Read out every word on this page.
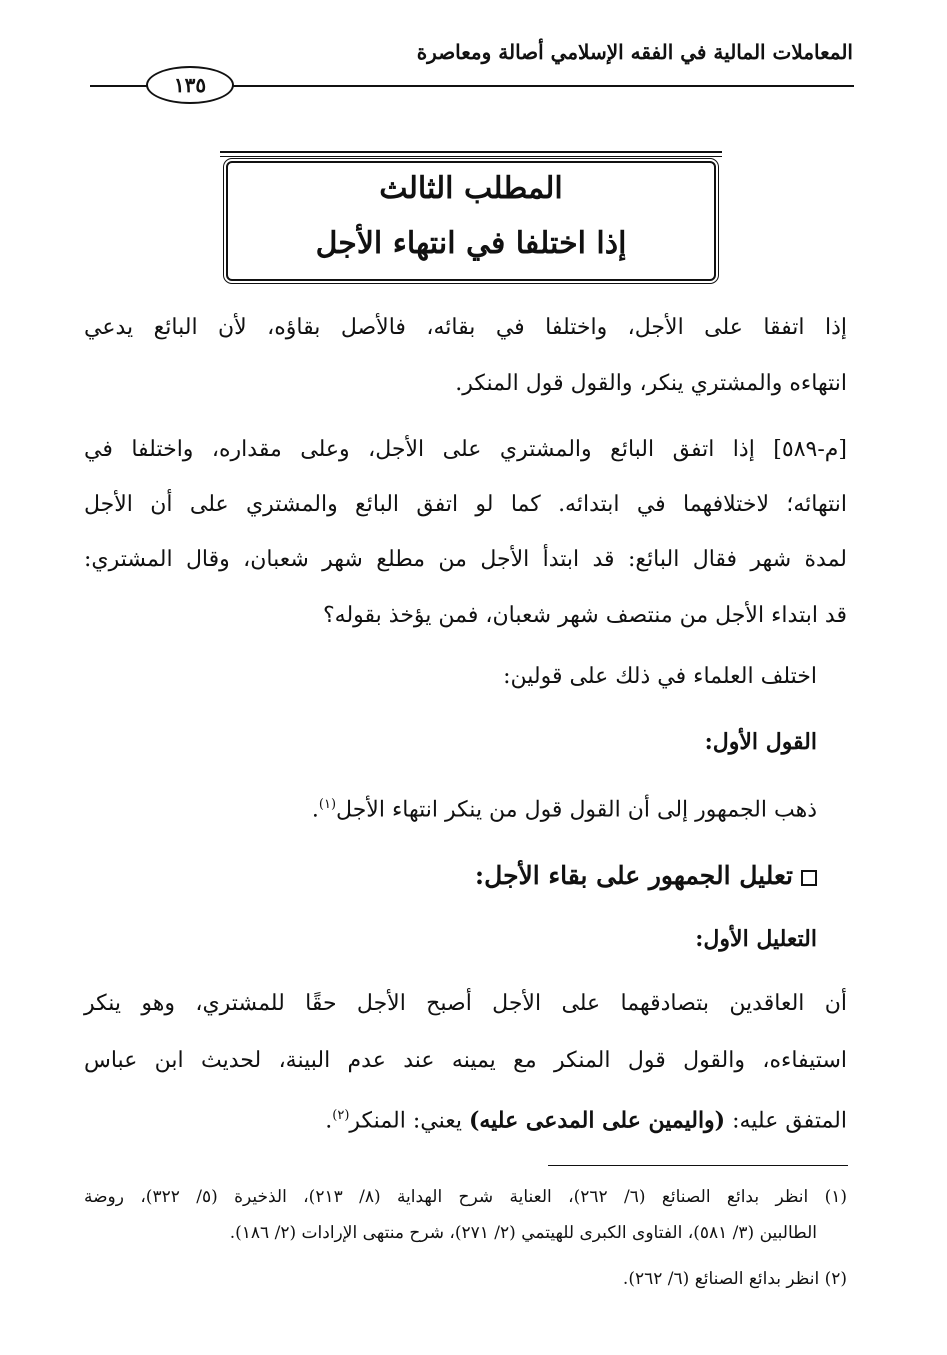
المعاملات المالية في الفقه الإسلامي أصالة ومعاصرة
١٣٥
المطلب الثالث
إذا اختلفا في انتهاء الأجل
إذا اتفقا على الأجل، واختلفا في بقائه، فالأصل بقاؤه، لأن البائع يدعي
انتهاءه والمشتري ينكر، والقول قول المنكر.
[م-٥٨٩] إذا اتفق البائع والمشتري على الأجل، وعلى مقداره، واختلفا في
انتهائه؛ لاختلافهما في ابتدائه. كما لو اتفق البائع والمشتري على أن الأجل
لمدة شهر فقال البائع: قد ابتدأ الأجل من مطلع شهر شعبان، وقال المشتري:
قد ابتداء الأجل من منتصف شهر شعبان، فمن يؤخذ بقوله؟
اختلف العلماء في ذلك على قولين:
القول الأول:
ذهب الجمهور إلى أن القول قول من ينكر انتهاء الأجل$^{(١)}$.
تعليل الجمهور على بقاء الأجل:
التعليل الأول:
أن العاقدين بتصادقهما على الأجل أصبح الأجل حقًا للمشتري، وهو ينكر
استيفاءه، والقول قول المنكر مع يمينه عند عدم البينة، لحديث ابن عباس
المتفق عليه: (واليمين على المدعى عليه) يعني: المنكر$^{(٢)}$.
(١) انظر بدائع الصنائع (٦/ ٢٦٢)، العناية شرح الهداية (٨/ ٢١٣)، الذخيرة (٥/ ٣٢٢)، روضة
الطالبين (٣/ ٥٨١)، الفتاوى الكبرى للهيتمي (٢/ ٢٧١)، شرح منتهى الإرادات (٢/ ١٨٦).
(٢) انظر بدائع الصنائع (٦/ ٢٦٢).
